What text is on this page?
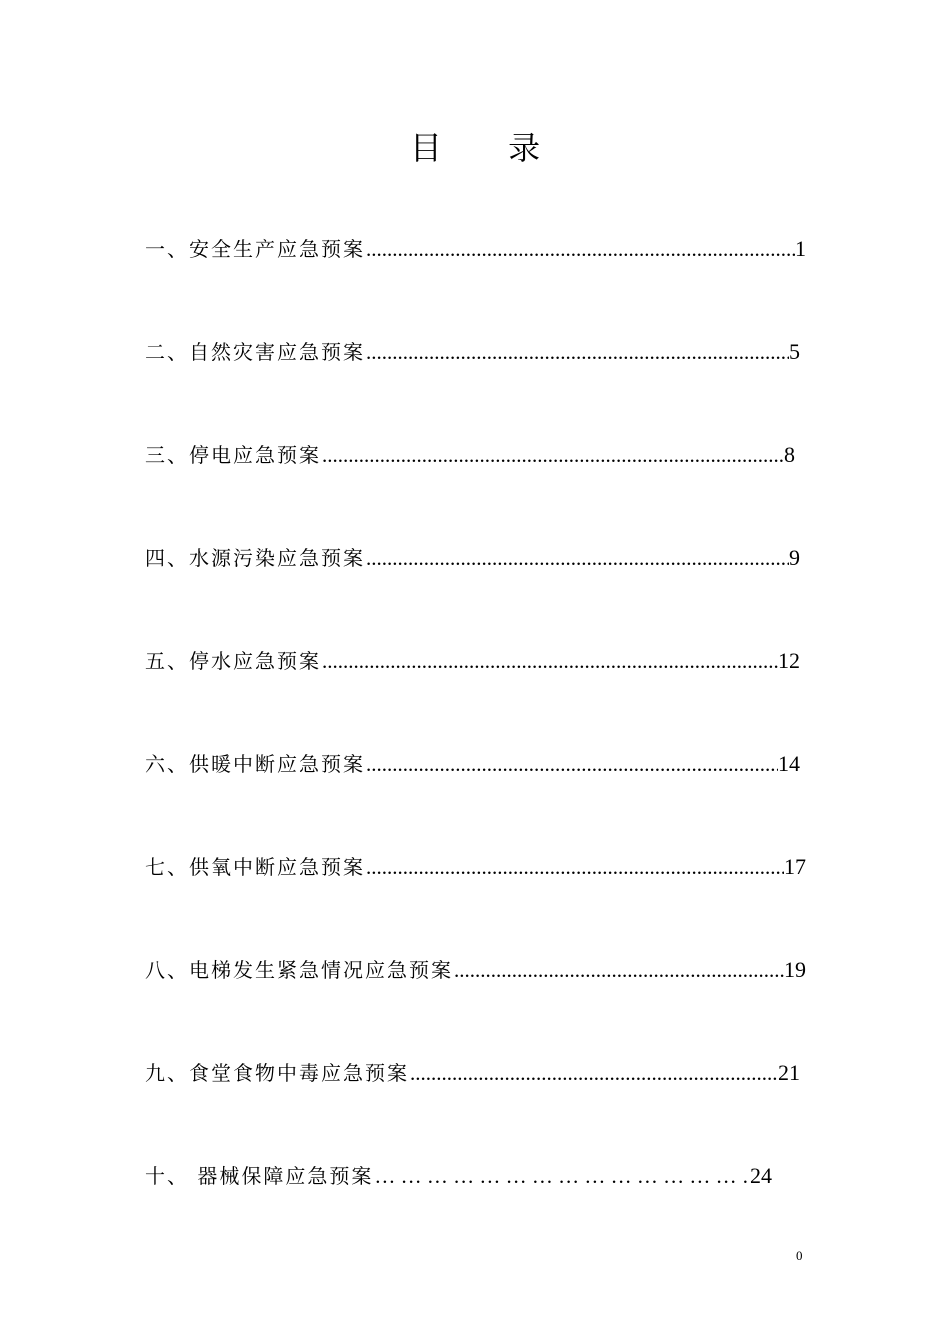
目 录
一、安全生产应急预案 .....	1
二、自然灾害应急预案 .....	5
三、停电应急预案 .....	8
四、水源污染应急预案 .....	9
五、停水应急预案 .....	12
六、供暖中断应急预案 .....	14
七、供氧中断应急预案 .....	17
八、电梯发生紧急情况应急预案 .....	19
九、食堂食物中毒应急预案 .....	21
十、 器械保障应急预案 … … … … … … … … … … … … … … … … … … … … … … … … … … … … … … … … … … … … …	24
0
